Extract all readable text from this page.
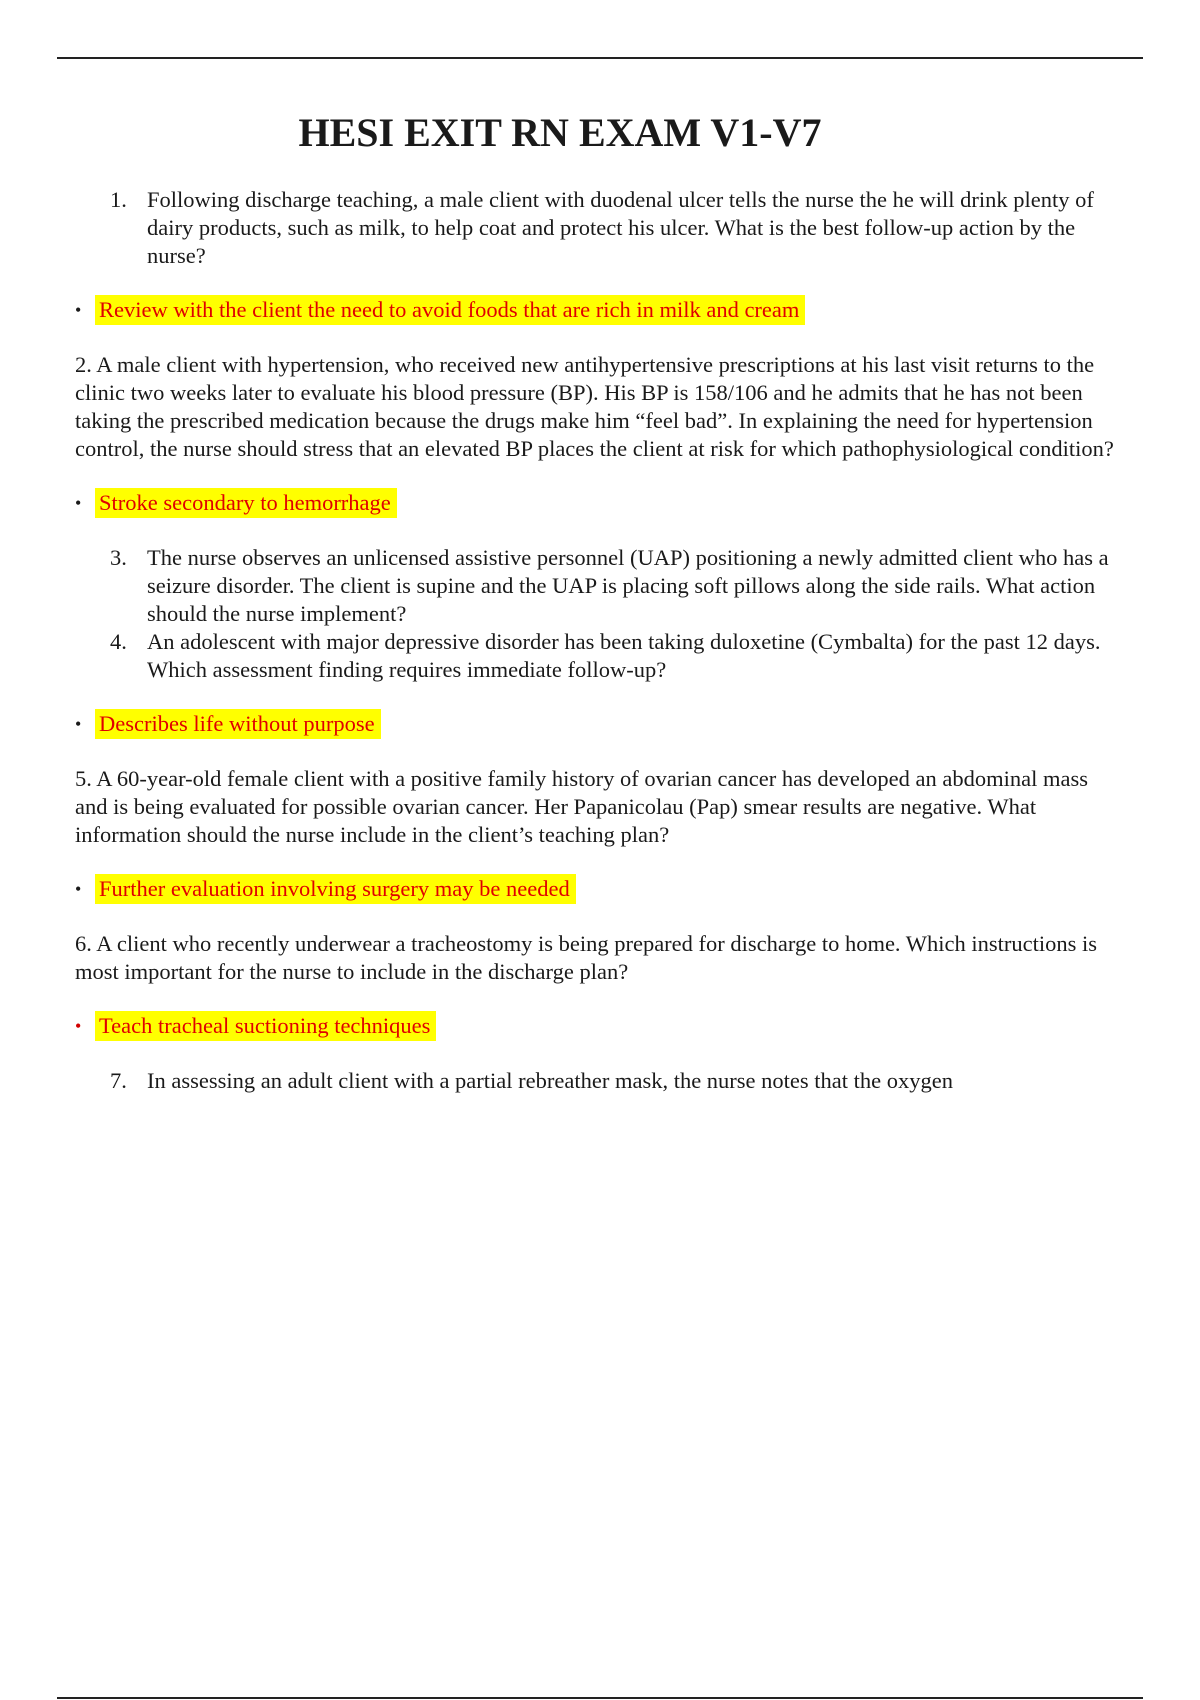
HESI EXIT RN EXAM V1-V7
1. Following discharge teaching, a male client with duodenal ulcer tells the nurse the he will drink plenty of dairy products, such as milk, to help coat and protect his ulcer. What is the best follow-up action by the nurse?
• Review with the client the need to avoid foods that are rich in milk and cream

2. A male client with hypertension, who received new antihypertensive prescriptions at his last visit returns to the clinic two weeks later to evaluate his blood pressure (BP). His BP is 158/106 and he admits that he has not been taking the prescribed medication because the drugs make him “feel bad”. In explaining the need for hypertension control, the nurse should stress that an elevated BP places the client at risk for which pathophysiological condition?

• Stroke secondary to hemorrhage
3. The nurse observes an unlicensed assistive personnel (UAP) positioning a newly admitted client who has a seizure disorder. The client is supine and the UAP is placing soft pillows along the side rails. What action should the nurse implement?
4. An adolescent with major depressive disorder has been taking duloxetine (Cymbalta) for the past 12 days. Which assessment finding requires immediate follow-up?
• Describes life without purpose

5. A 60-year-old female client with a positive family history of ovarian cancer has developed an abdominal mass and is being evaluated for possible ovarian cancer. Her Papanicolau (Pap) smear results are negative. What information should the nurse include in the client’s teaching plan?

• Further evaluation involving surgery may be needed

6. A client who recently underwear a tracheostomy is being prepared for discharge to home. Which instructions is most important for the nurse to include in the discharge plan?

• Teach tracheal suctioning techniques
7. In assessing an adult client with a partial rebreather mask, the nurse notes that the oxygen
